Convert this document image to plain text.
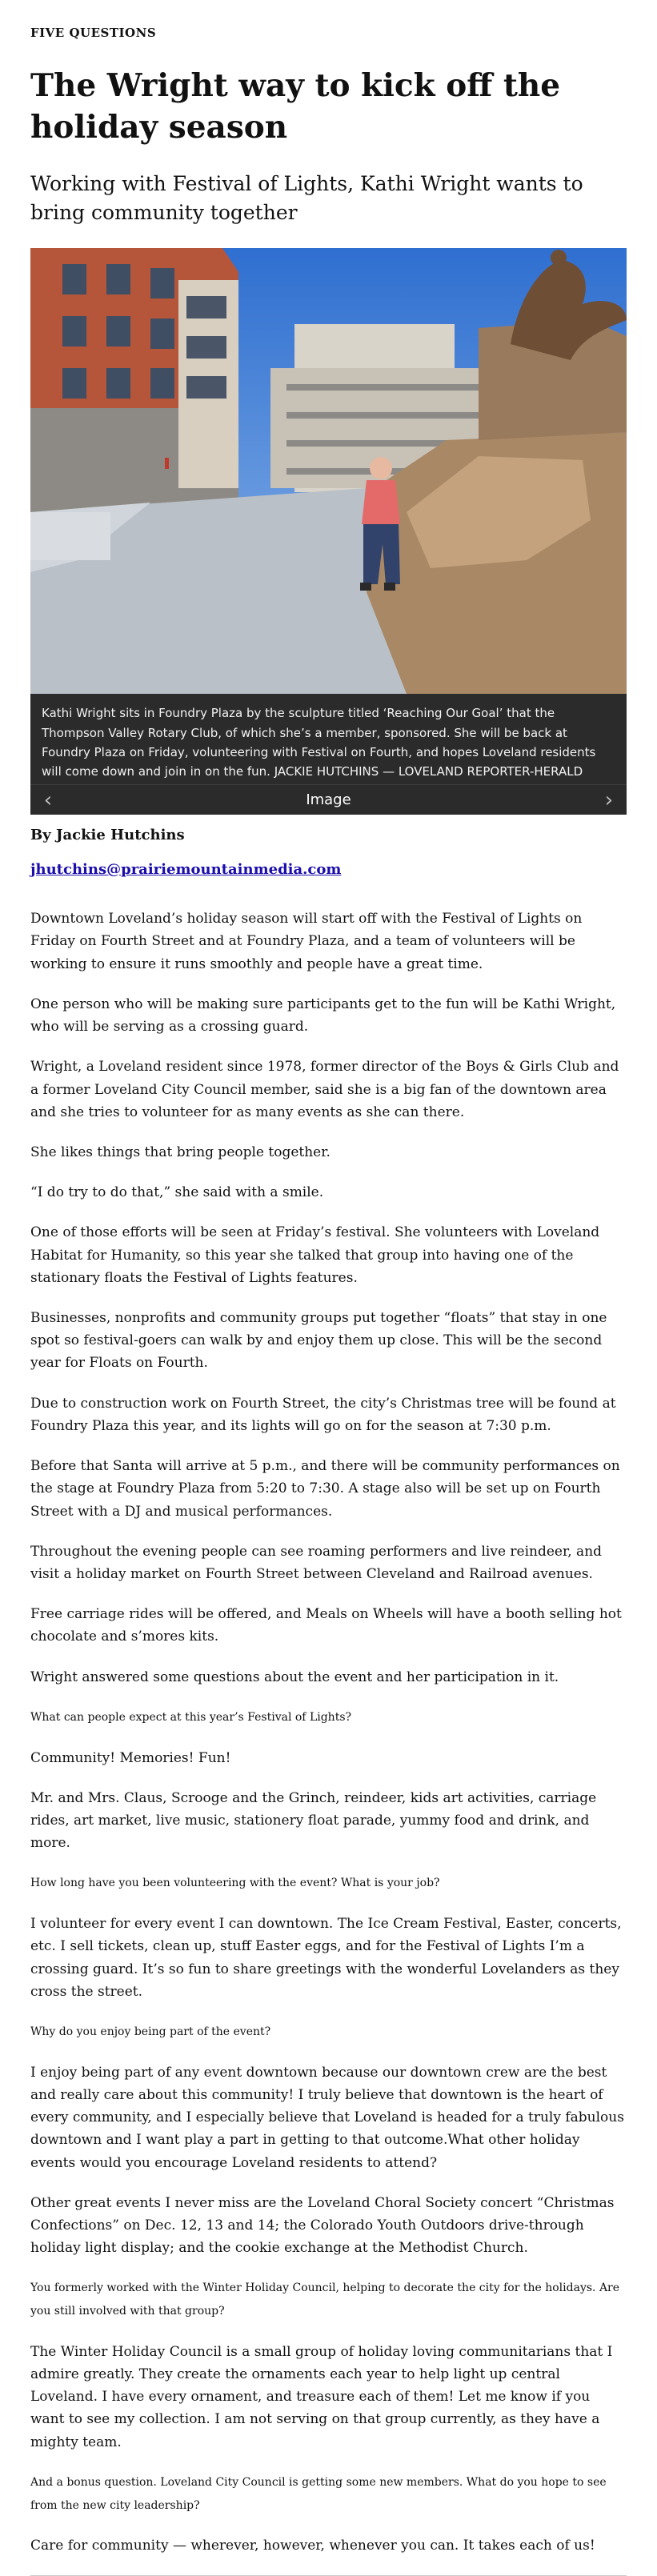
FIVE QUESTIONS
The Wright way to kick off the holiday season
Working with Festival of Lights, Kathi Wright wants to bring community together
Kathi Wright sits in Foundry Plaza by the sculpture titled ‘Reaching Our Goal’ that the Thompson Valley Rotary Club, of which she’s a member, sponsored. She will be back at Foundry Plaza on Friday, volunteering with Festival on Fourth, and hopes Loveland residents will come down and join in on the fun. JACKIE HUTCHINS — LOVELAND REPORTER-HERALD
‹	Image	›
By Jackie Hutchins
jhutchins@prairiemountainmedia.com

Downtown Loveland’s holiday season will start off with the Festival of Lights on Friday on Fourth Street and at Foundry Plaza, and a team of volunteers will be working to ensure it runs smoothly and people have a great time.

One person who will be making sure participants get to the fun will be Kathi Wright, who will be serving as a crossing guard.

Wright, a Loveland resident since 1978, former director of the Boys & Girls Club and a former Loveland City Council member, said she is a big fan of the downtown area and she tries to volunteer for as many events as she can there.

She likes things that bring people together.

“I do try to do that,” she said with a smile.

One of those efforts will be seen at Friday’s festival. She volunteers with Loveland Habitat for Humanity, so this year she talked that group into having one of the stationary floats the Festival of Lights features.

Businesses, nonprofits and community groups put together “floats” that stay in one spot so festival-goers can walk by and enjoy them up close. This will be the second year for Floats on Fourth.

Due to construction work on Fourth Street, the city’s Christmas tree will be found at Foundry Plaza this year, and its lights will go on for the season at 7:30 p.m.

Before that Santa will arrive at 5 p.m., and there will be community performances on the stage at Foundry Plaza from 5:20 to 7:30. A stage also will be set up on Fourth Street with a DJ and musical performances.

Throughout the evening people can see roaming performers and live reindeer, and visit a holiday market on Fourth Street between Cleveland and Railroad avenues.

Free carriage rides will be offered, and Meals on Wheels will have a booth selling hot chocolate and s’mores kits.

Wright answered some questions about the event and her participation in it.

What can people expect at this year’s Festival of Lights?

Community! Memories! Fun!

Mr. and Mrs. Claus, Scrooge and the Grinch, reindeer, kids art activities, carriage rides, art market, live music, stationery float parade, yummy food and drink, and more.

How long have you been volunteering with the event? What is your job?

I volunteer for every event I can downtown. The Ice Cream Festival, Easter, concerts, etc. I sell tickets, clean up, stuff Easter eggs, and for the Festival of Lights I’m a crossing guard. It’s so fun to share greetings with the wonderful Lovelanders as they cross the street.

Why do you enjoy being part of the event?

I enjoy being part of any event downtown because our downtown crew are the best and really care about this community! I truly believe that downtown is the heart of every community, and I especially believe that Loveland is headed for a truly fabulous downtown and I want play a part in getting to that outcome.What other holiday events would you encourage Loveland residents to attend?

Other great events I never miss are the Loveland Choral Society concert “Christmas Confections” on Dec. 12, 13 and 14; the Colorado Youth Outdoors drive-through holiday light display; and the cookie exchange at the Methodist Church.

You formerly worked with the Winter Holiday Council, helping to decorate the city for the holidays. Are you still involved with that group?

The Winter Holiday Council is a small group of holiday loving communitarians that I admire greatly. They create the ornaments each year to help light up central Loveland. I have every ornament, and treasure each of them! Let me know if you want to see my collection. I am not serving on that group currently, as they have a mighty team.

And a bonus question. Loveland City Council is getting some new members. What do you hope to see from the new city leadership?

Care for community — wherever, however, whenever you can. It takes each of us!
